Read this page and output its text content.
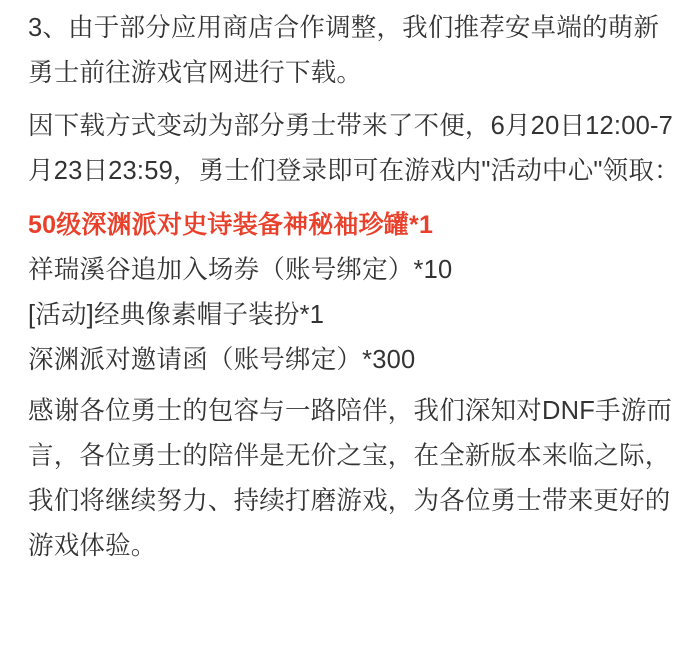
3、由于部分应用商店合作调整，我们推荐安卓端的萌新勇士前往游戏官网进行下载。

因下载方式变动为部分勇士带来了不便，6月20日12:00-7月23日23:59，勇士们登录即可在游戏内"活动中心"领取：

50级深渊派对史诗装备神秘袖珍罐*1

祥瑞溪谷追加入场券（账号绑定）*10

[活动]经典像素帽子装扮*1

深渊派对邀请函（账号绑定）*300

感谢各位勇士的包容与一路陪伴，我们深知对DNF手游而言，各位勇士的陪伴是无价之宝，在全新版本来临之际，我们将继续努力、持续打磨游戏，为各位勇士带来更好的游戏体验。
